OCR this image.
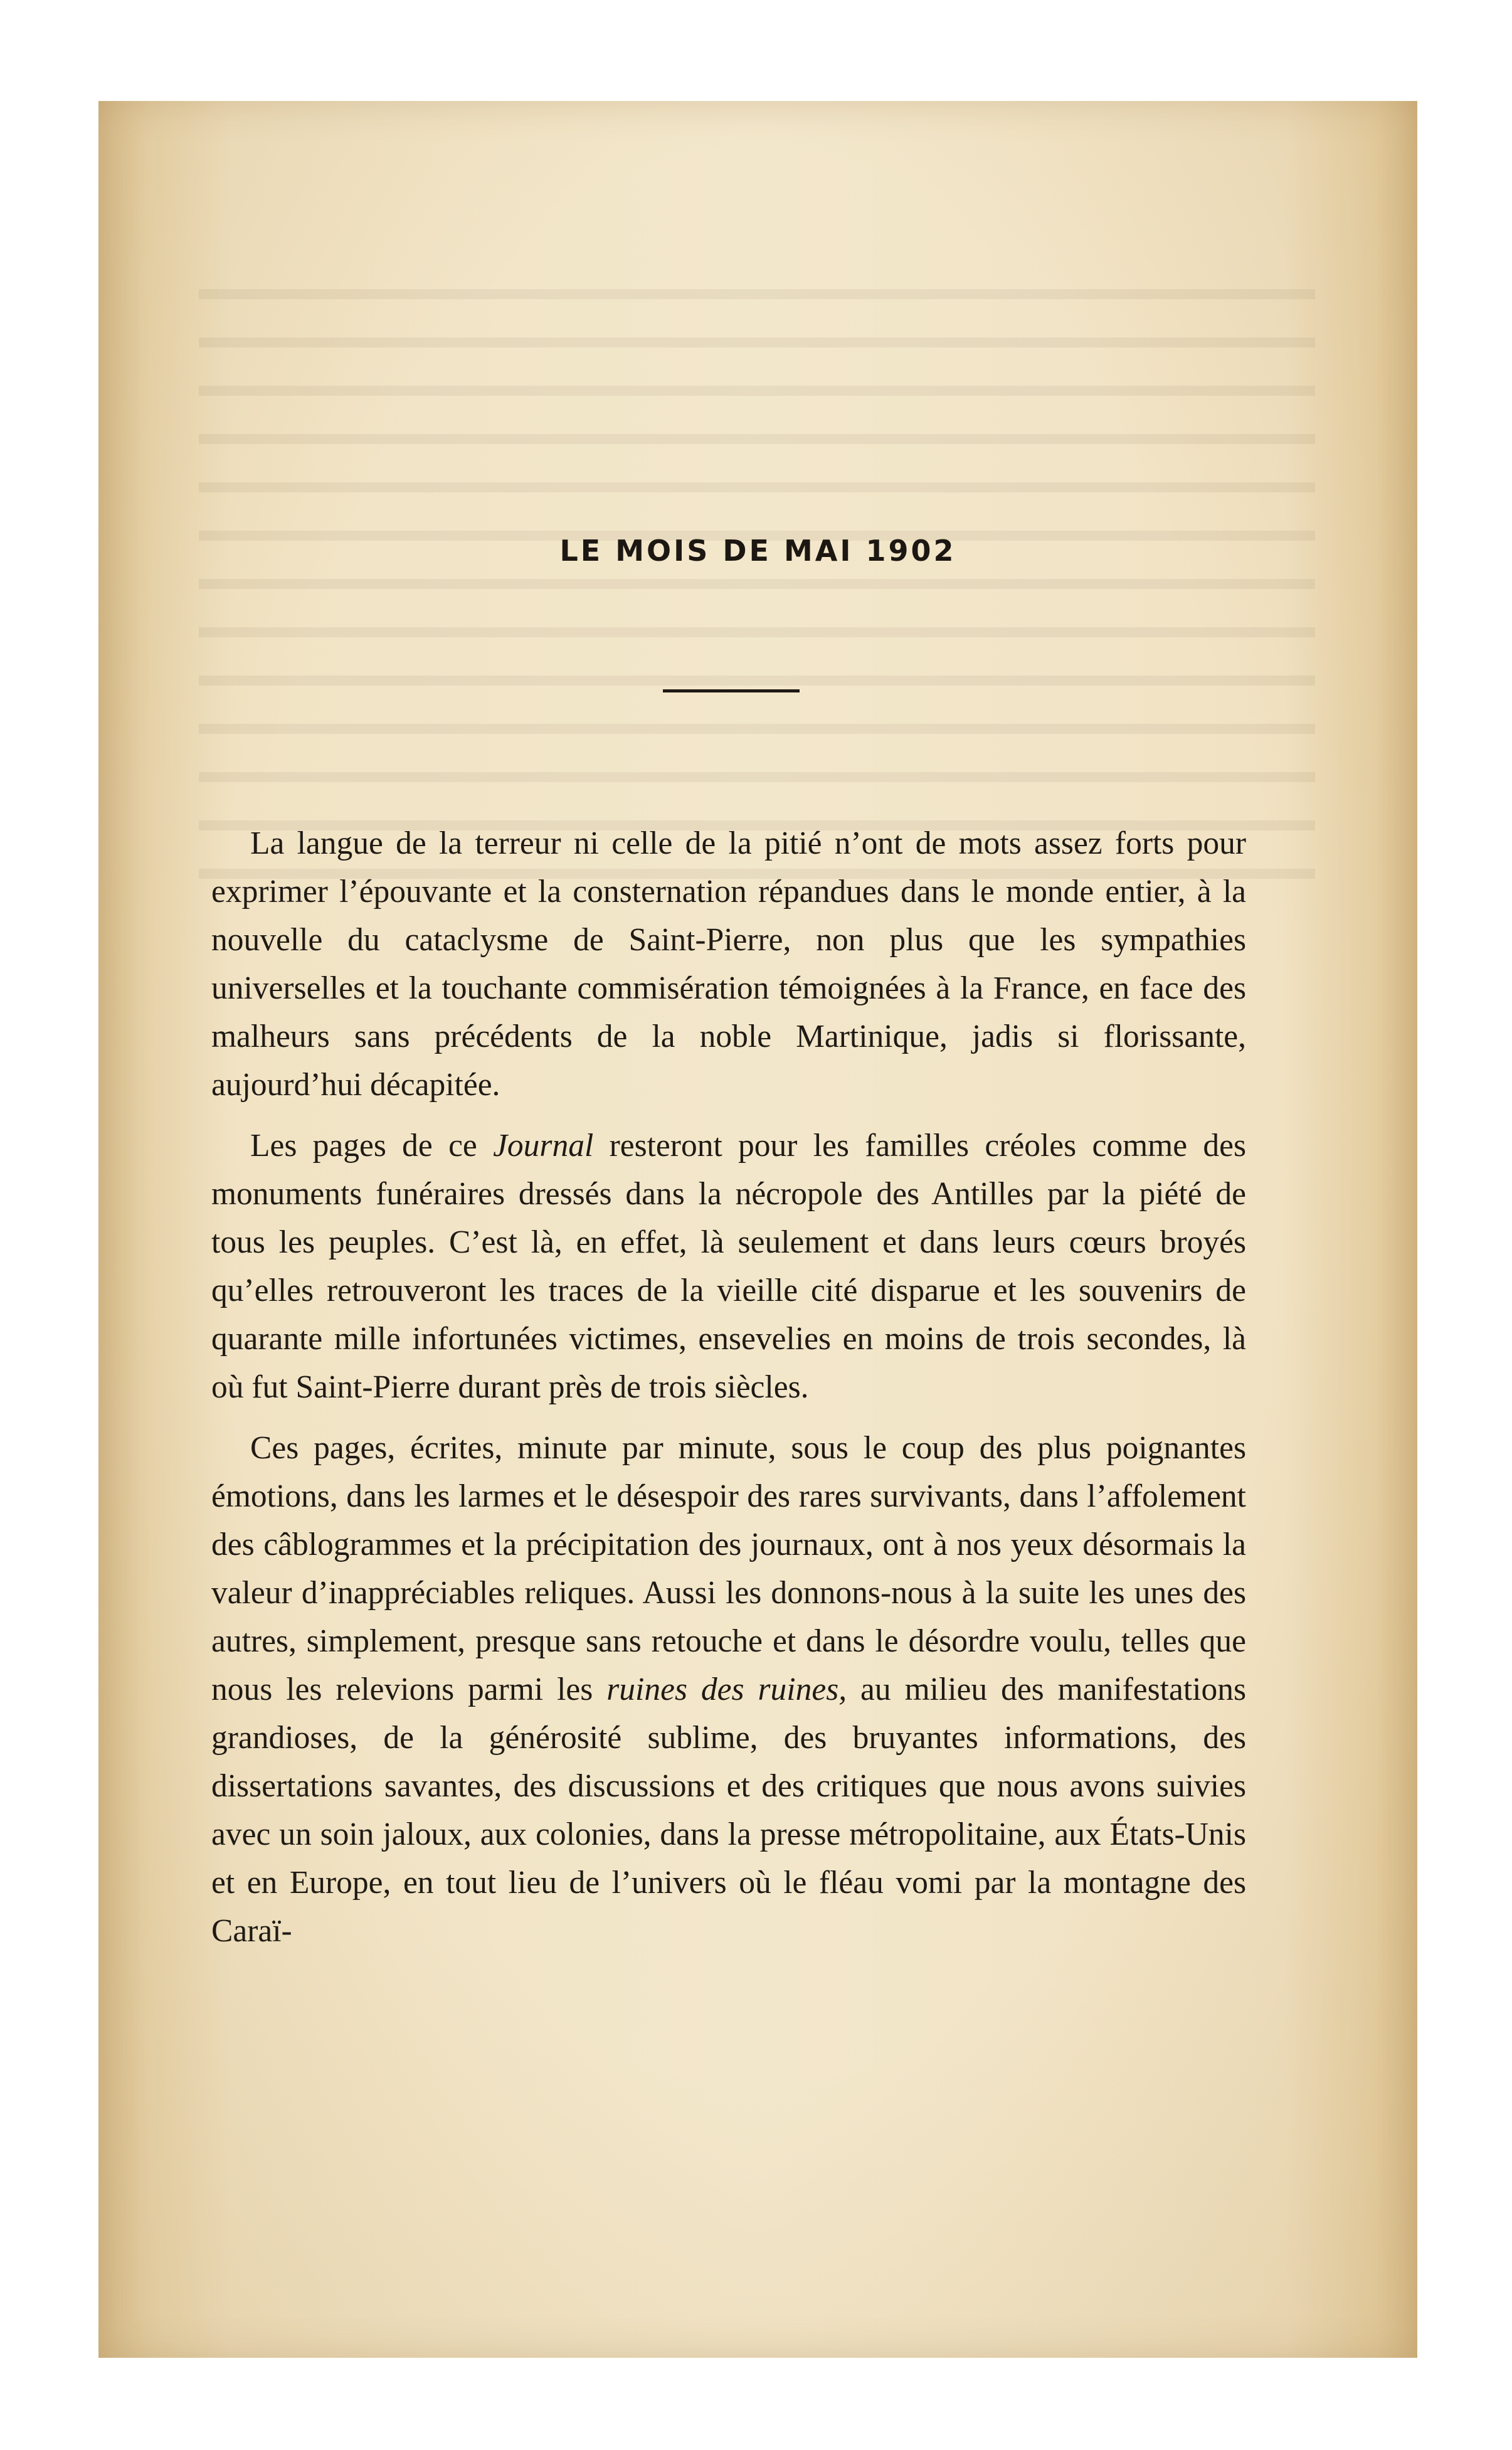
LE MOIS DE MAI 1902

La langue de la terreur ni celle de la pitié n’ont de mots assez forts pour exprimer l’épouvante et la consternation répandues dans le monde entier, à la nouvelle du cataclysme de Saint-Pierre, non plus que les sympathies universelles et la touchante commisération témoignées à la France, en face des malheurs sans précédents de la noble Martinique, jadis si florissante, aujourd’hui décapitée.

Les pages de ce Journal resteront pour les familles créoles comme des monuments funéraires dressés dans la nécropole des Antilles par la piété de tous les peuples. C’est là, en effet, là seulement et dans leurs cœurs broyés qu’elles retrouveront les traces de la vieille cité disparue et les souvenirs de quarante mille infortunées victimes, ensevelies en moins de trois secondes, là où fut Saint-Pierre durant près de trois siècles.

Ces pages, écrites, minute par minute, sous le coup des plus poignantes émotions, dans les larmes et le désespoir des rares survivants, dans l’affolement des câblogrammes et la précipitation des journaux, ont à nos yeux désormais la valeur d’inappréciables reliques. Aussi les donnons-nous à la suite les unes des autres, simplement, presque sans retouche et dans le désordre voulu, telles que nous les relevions parmi les ruines des ruines, au milieu des manifestations grandioses, de la générosité sublime, des bruyantes informations, des dissertations savantes, des discussions et des critiques que nous avons suivies avec un soin jaloux, aux colonies, dans la presse métropolitaine, aux États-Unis et en Europe, en tout lieu de l’univers où le fléau vomi par la montagne des Caraï-
